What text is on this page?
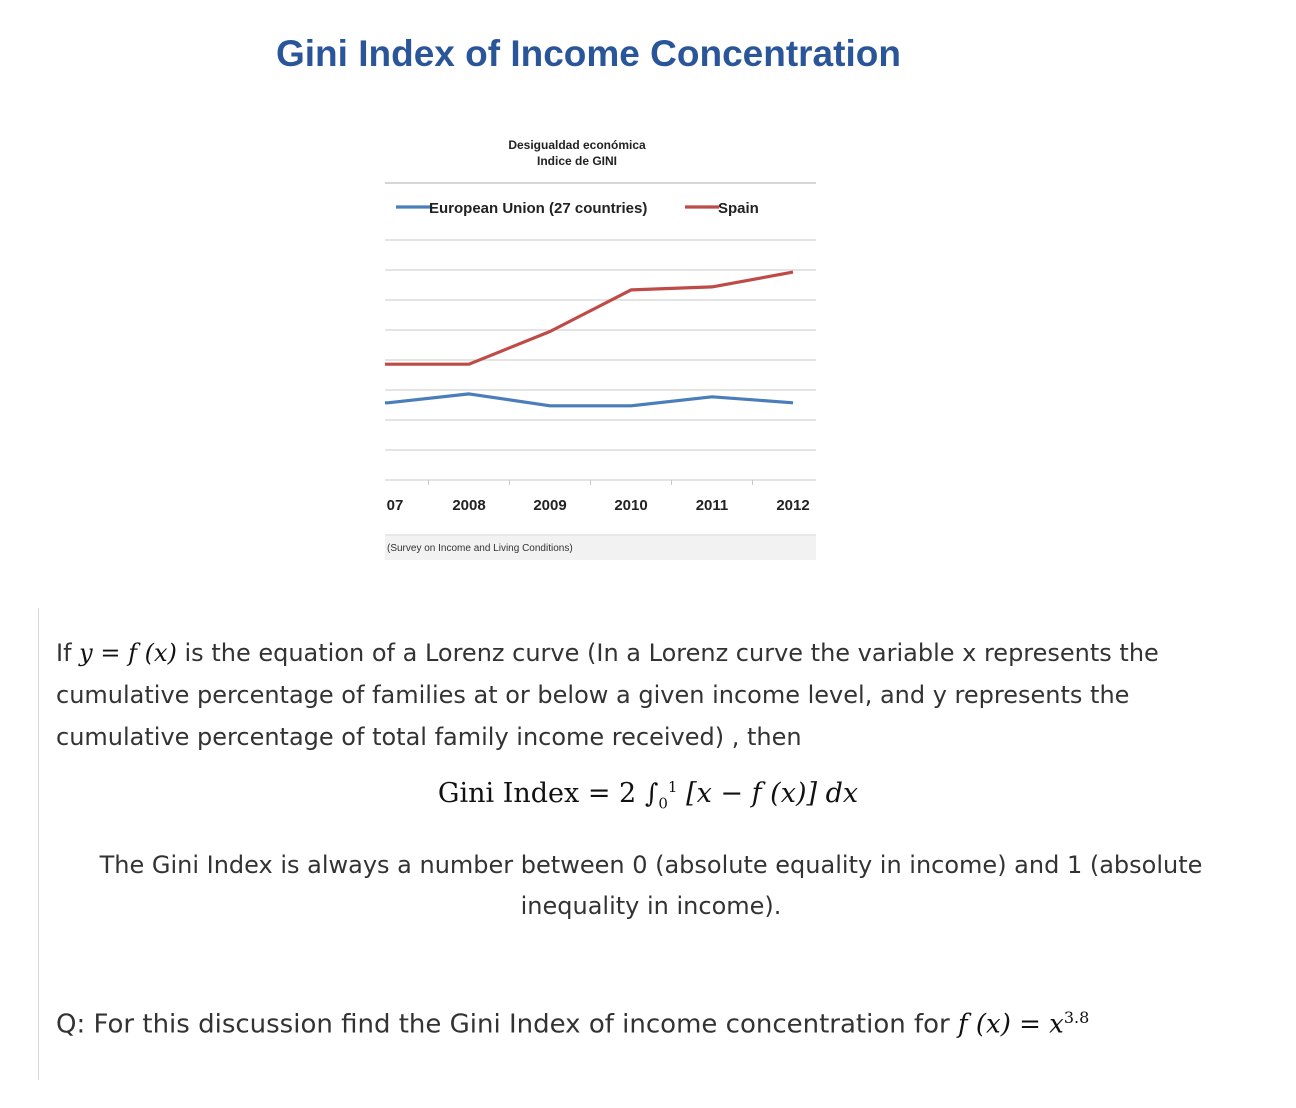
Gini Index of Income Concentration
Desigualdad económica
Indice de GINI
European Union (27 countries)	Spain
07	2008	2009	2010	2011	2012
(Survey on Income and Living Conditions)
If y = f (x) is the equation of a Lorenz curve (In a Lorenz curve the variable x represents the cumulative percentage of families at or below a given income level, and y represents the cumulative percentage of total family income received) , then
Gini Index = 2 $\int_0^1$ [x − f (x)] dx
The Gini Index is always a number between 0 (absolute equality in income) and 1 (absolute inequality in income).
Q: For this discussion find the Gini Index of income concentration for f $(x) = x^{3.8}$
